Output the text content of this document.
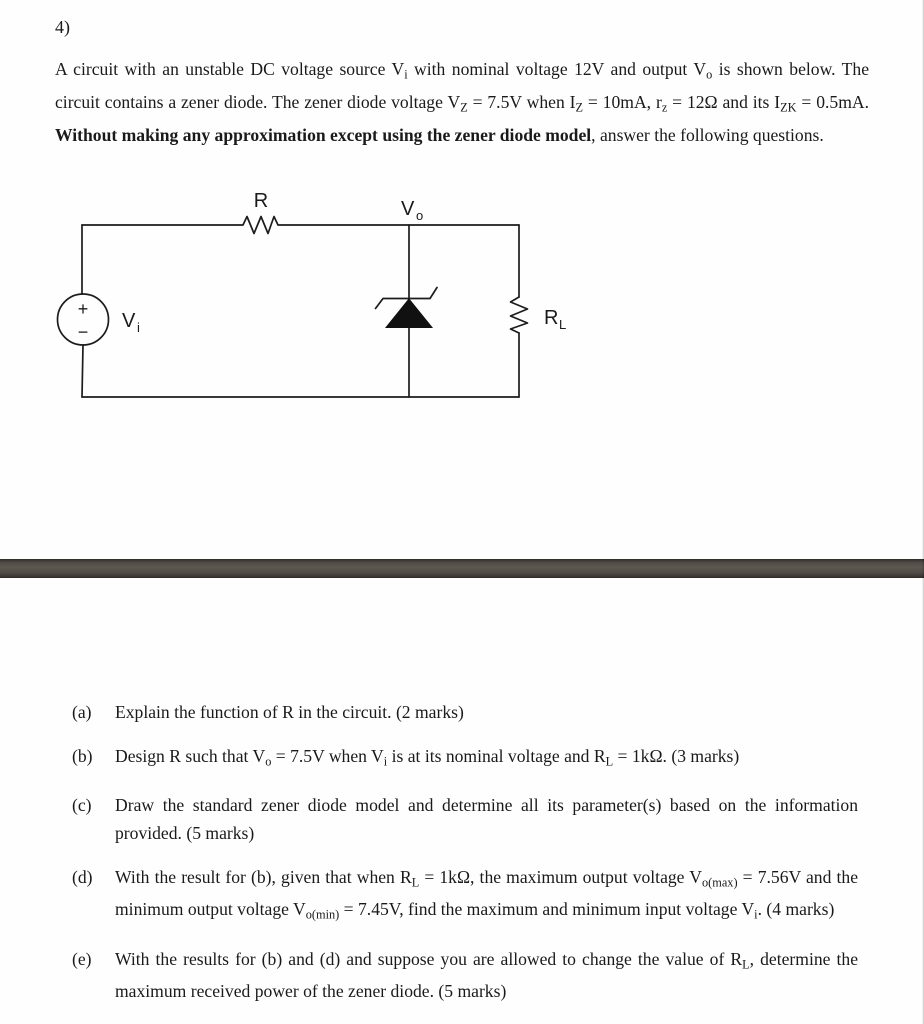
4)
A circuit with an unstable DC voltage source $V_i$ with nominal voltage 12V and output $V_o$ is shown below. The circuit contains a zener diode. The zener diode voltage $V_Z = 7.5V$ when $I_Z = 10mA$, $r_z = 12\Omega$ and its $I_{ZK} = 0.5mA$. Without making any approximation except using the zener diode model, answer the following questions.
R	V o
V i	R L
+
−
(a)	Explain the function of R in the circuit. (2 marks)
(b)	Design R such that $V_o = 7.5V$ when $V_i$ is at its nominal voltage and $R_L = 1k\Omega$. (3 marks)
(c)	Draw the standard zener diode model and determine all its parameter(s) based on the information provided. (5 marks)
(d)	With the result for (b), given that when $R_L = 1k\Omega$, the maximum output voltage $V_{o(max)} = 7.56V$ and the minimum output voltage $V_{o(min)} = 7.45V$, find the maximum and minimum input voltage $V_i$. (4 marks)
(e)	With the results for (b) and (d) and suppose you are allowed to change the value of $R_L$, determine the maximum received power of the zener diode. (5 marks)
